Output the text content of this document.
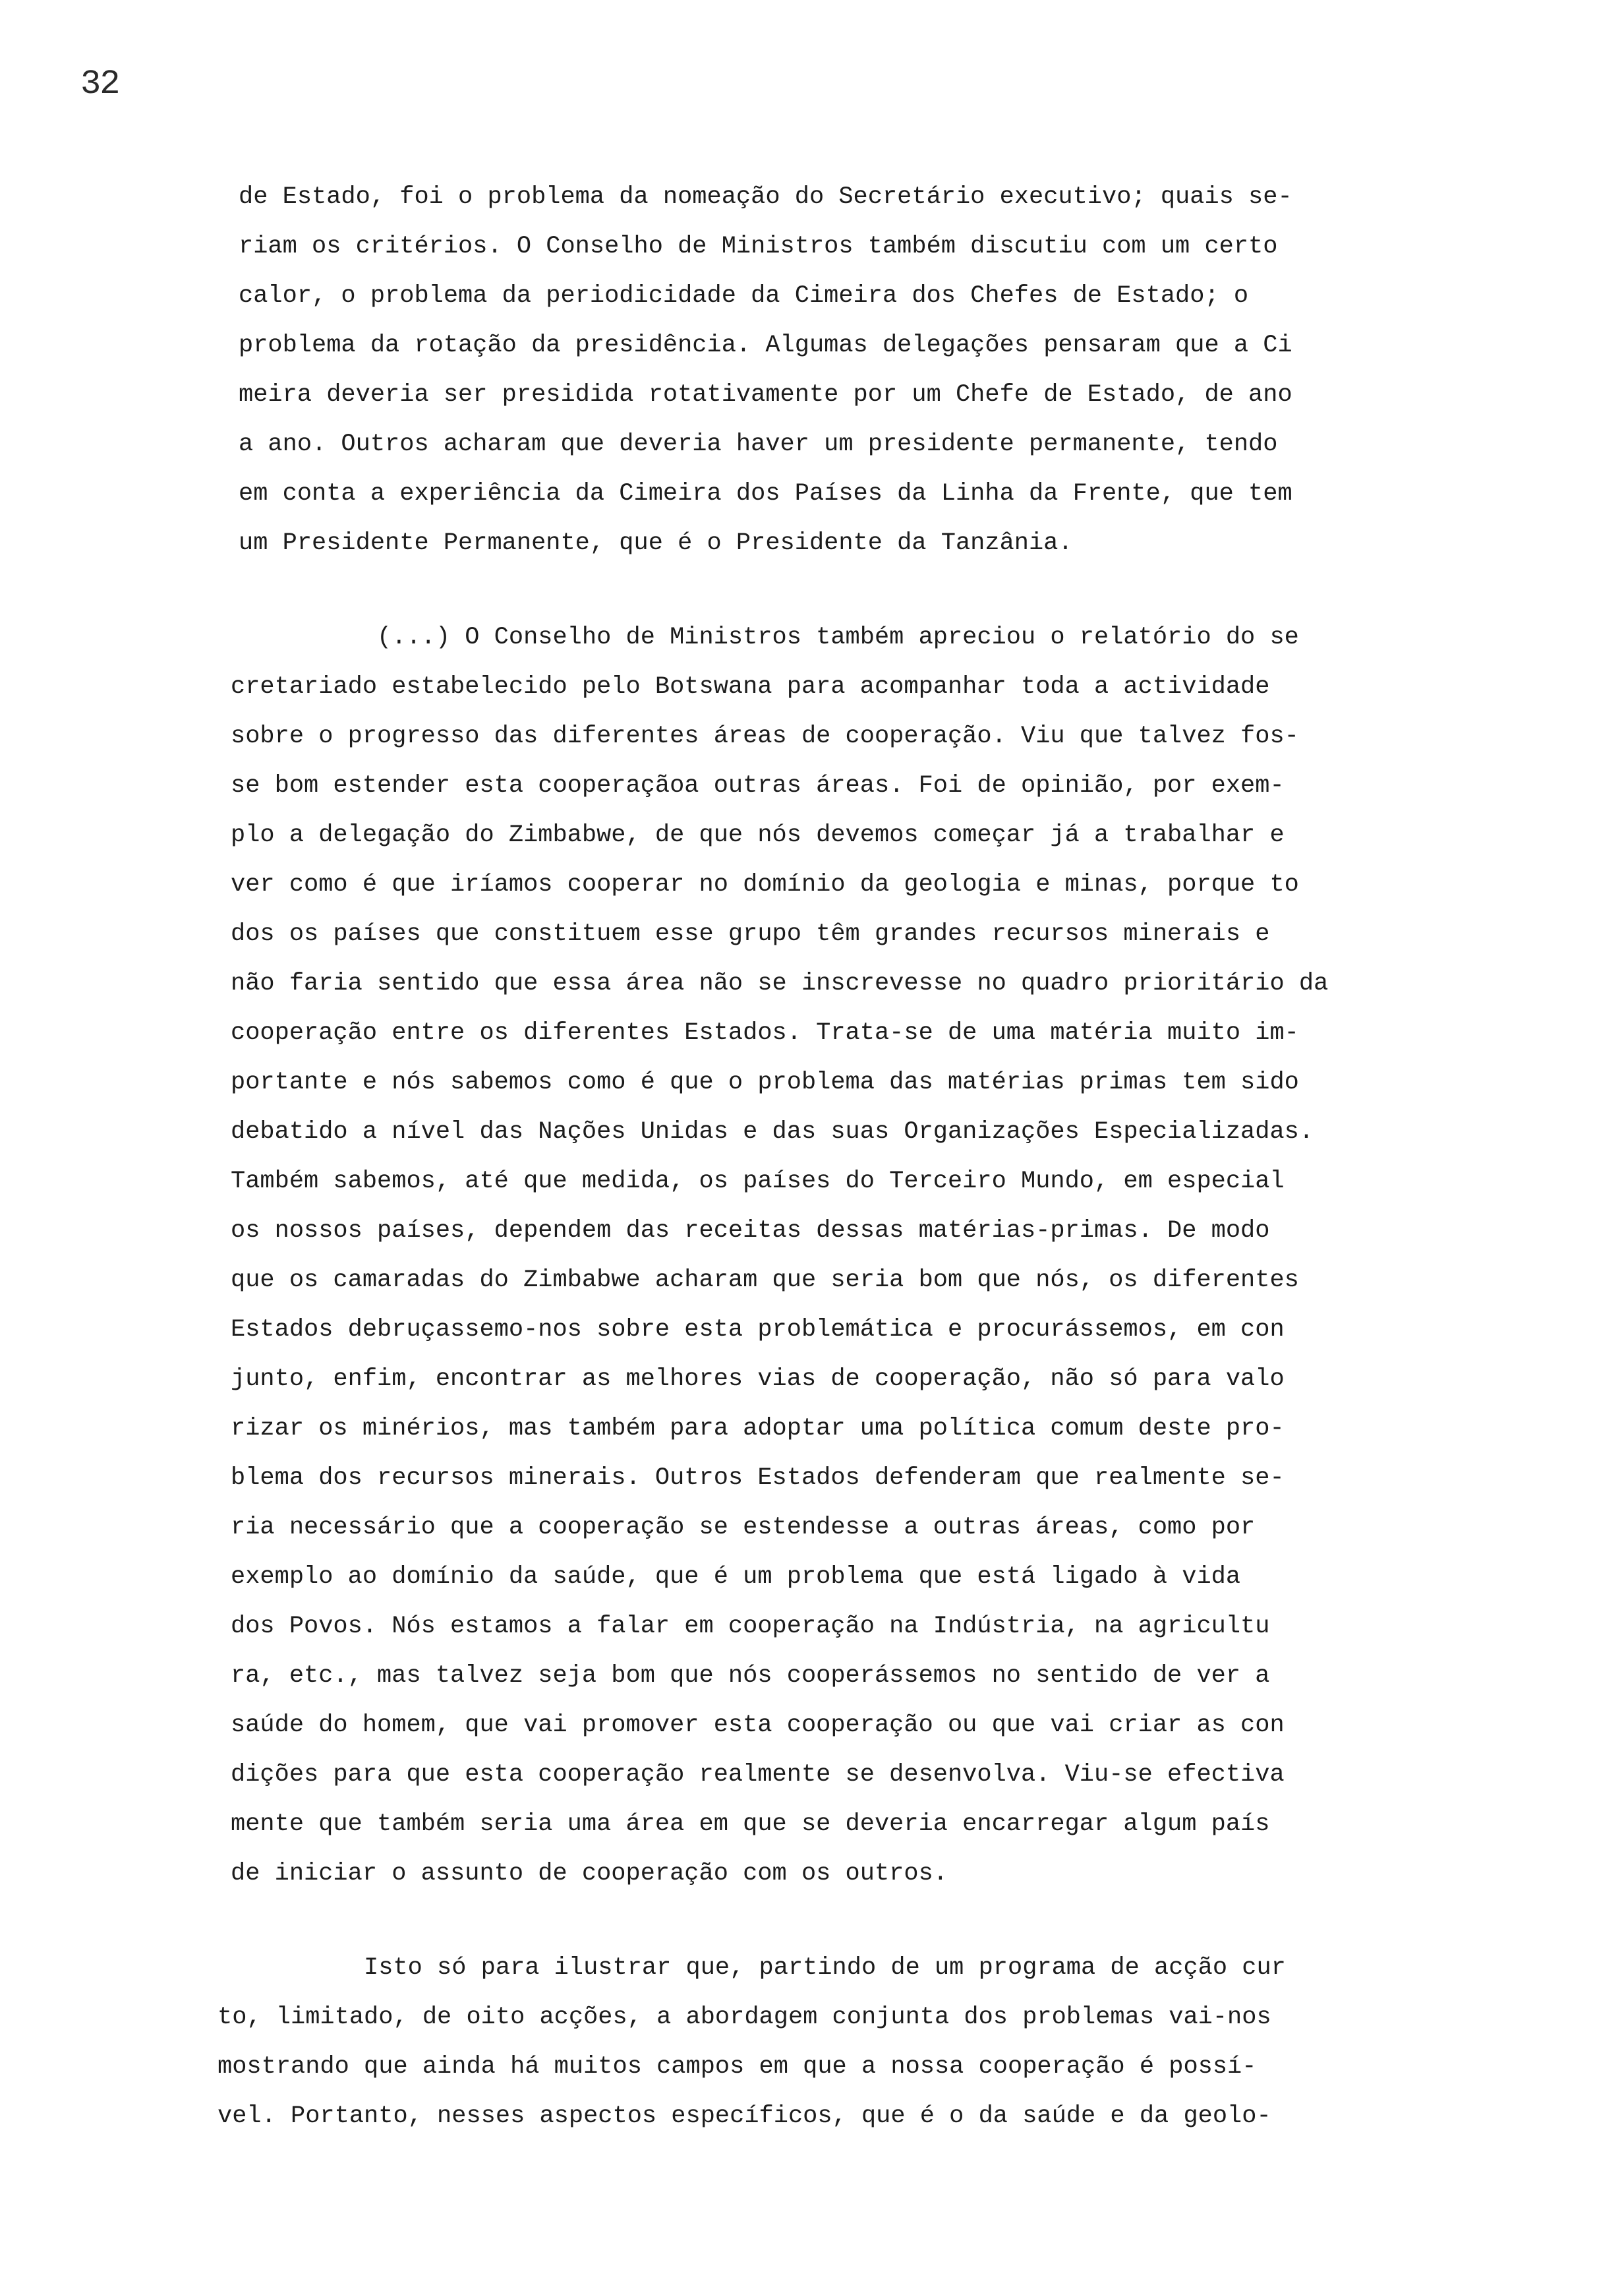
32
de Estado, foi o problema da nomeação do Secretário executivo; quais se-
riam os critérios. O Conselho de Ministros também discutiu com um certo
calor, o problema da periodicidade da Cimeira dos Chefes de Estado; o
problema da rotação da presidência. Algumas delegações pensaram que a Ci
meira deveria ser presidida rotativamente por um Chefe de Estado, de ano
a ano. Outros acharam que deveria haver um presidente permanente, tendo
em conta a experiência da Cimeira dos Países da Linha da Frente, que tem
um Presidente Permanente, que é o Presidente da Tanzânia.
(...) O Conselho de Ministros também apreciou o relatório do se
cretariado estabelecido pelo Botswana para acompanhar toda a actividade
sobre o progresso das diferentes áreas de cooperação. Viu que talvez fos-
se bom estender esta cooperaçãoa outras áreas. Foi de opinião, por exem-
plo a delegação do Zimbabwe, de que nós devemos começar já a trabalhar e
ver como é que iríamos cooperar no domínio da geologia e minas, porque to
dos os países que constituem esse grupo têm grandes recursos minerais e
não faria sentido que essa área não se inscrevesse no quadro prioritário da
cooperação entre os diferentes Estados. Trata-se de uma matéria muito im-
portante e nós sabemos como é que o problema das matérias primas tem sido
debatido a nível das Nações Unidas e das suas Organizações Especializadas.
Também sabemos, até que medida, os países do Terceiro Mundo, em especial
os nossos países, dependem das receitas dessas matérias-primas. De modo
que os camaradas do Zimbabwe acharam que seria bom que nós, os diferentes
Estados debruçassemo-nos sobre esta problemática e procurássemos, em con
junto, enfim, encontrar as melhores vias de cooperação, não só para valo
rizar os minérios, mas também para adoptar uma política comum deste pro-
blema dos recursos minerais. Outros Estados defenderam que realmente se-
ria necessário que a cooperação se estendesse a outras áreas, como por
exemplo ao domínio da saúde, que é um problema que está ligado à vida
dos Povos. Nós estamos a falar em cooperação na Indústria, na agricultu
ra, etc., mas talvez seja bom que nós cooperássemos no sentido de ver a
saúde do homem, que vai promover esta cooperação ou que vai criar as con
dições para que esta cooperação realmente se desenvolva. Viu-se efectiva
mente que também seria uma área em que se deveria encarregar algum país
de iniciar o assunto de cooperação com os outros.
Isto só para ilustrar que, partindo de um programa de acção cur
to, limitado, de oito acções, a abordagem conjunta dos problemas vai-nos
mostrando que ainda há muitos campos em que a nossa cooperação é possí-
vel. Portanto, nesses aspectos específicos, que é o da saúde e da geolo-
